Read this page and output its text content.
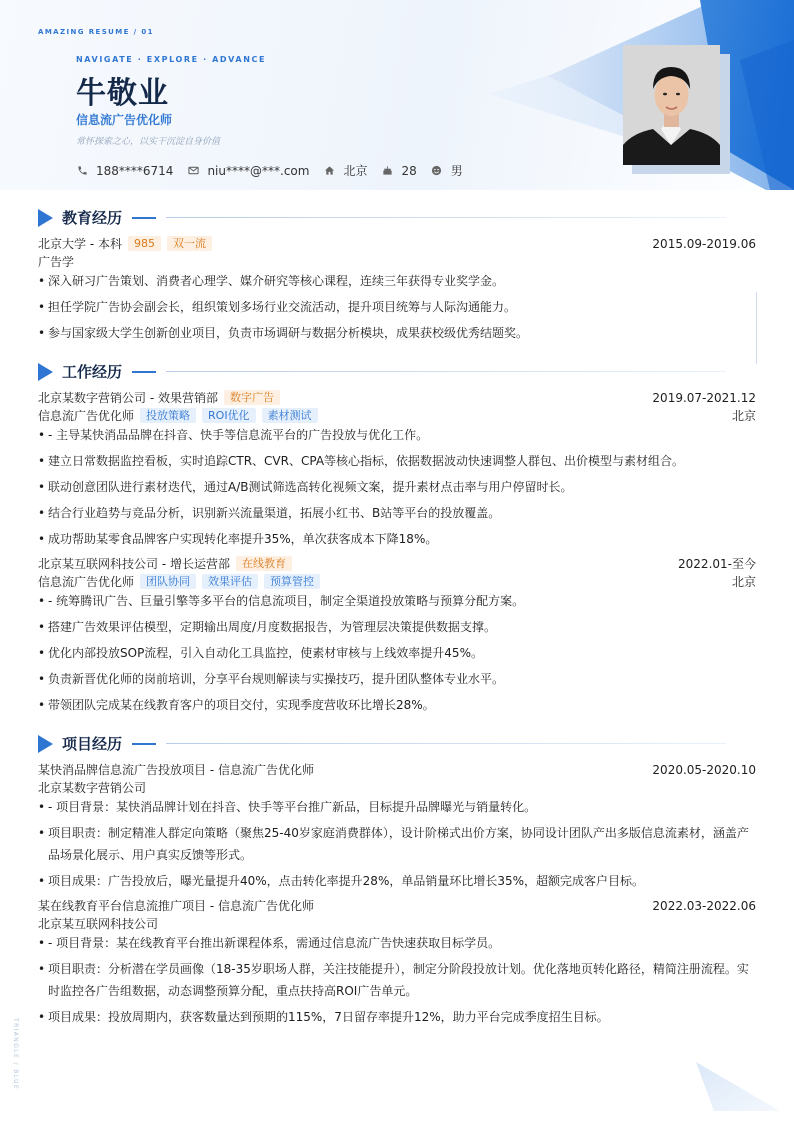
AMAZING RESUME / 01
NAVIGATE · EXPLORE · ADVANCE
牛敬业
信息流广告优化师
常怀探索之心，以实干沉淀自身价值
188****6714	niu****@***.com	北京	28	男
教育经历
北京大学 - 本科	985	双一流	2015.09-2019.06
广告学
• 深入研习广告策划、消费者心理学、媒介研究等核心课程，连续三年获得专业奖学金。
• 担任学院广告协会副会长，组织策划多场行业交流活动，提升项目统筹与人际沟通能力。
• 参与国家级大学生创新创业项目，负责市场调研与数据分析模块，成果获校级优秀结题奖。
工作经历
北京某数字营销公司 - 效果营销部	数字广告	2019.07-2021.12
信息流广告优化师	投放策略	ROI优化	素材测试	北京
• - 主导某快消品品牌在抖音、快手等信息流平台的广告投放与优化工作。
• 建立日常数据监控看板，实时追踪CTR、CVR、CPA等核心指标，依据数据波动快速调整人群包、出价模型与素材组合。
• 联动创意团队进行素材迭代，通过A/B测试筛选高转化视频文案，提升素材点击率与用户停留时长。
• 结合行业趋势与竞品分析，识别新兴流量渠道，拓展小红书、B站等平台的投放覆盖。
• 成功帮助某零食品牌客户实现转化率提升35%，单次获客成本下降18%。
北京某互联网科技公司 - 增长运营部	在线教育	2022.01-至今
信息流广告优化师	团队协同	效果评估	预算管控	北京
• - 统筹腾讯广告、巨量引擎等多平台的信息流项目，制定全渠道投放策略与预算分配方案。
• 搭建广告效果评估模型，定期输出周度/月度数据报告，为管理层决策提供数据支撑。
• 优化内部投放SOP流程，引入自动化工具监控，使素材审核与上线效率提升45%。
• 负责新晋优化师的岗前培训，分享平台规则解读与实操技巧，提升团队整体专业水平。
• 带领团队完成某在线教育客户的项目交付，实现季度营收环比增长28%。
项目经历
某快消品牌信息流广告投放项目 - 信息流广告优化师	2020.05-2020.10
北京某数字营销公司
• - 项目背景：某快消品牌计划在抖音、快手等平台推广新品，目标提升品牌曝光与销量转化。
• 项目职责：制定精准人群定向策略（聚焦25-40岁家庭消费群体），设计阶梯式出价方案，协同设计团队产出多版信息流素材，涵盖产品场景化展示、用户真实反馈等形式。
• 项目成果：广告投放后，曝光量提升40%，点击转化率提升28%，单品销量环比增长35%，超额完成客户目标。
某在线教育平台信息流推广项目 - 信息流广告优化师	2022.03-2022.06
北京某互联网科技公司
• - 项目背景：某在线教育平台推出新课程体系，需通过信息流广告快速获取目标学员。
• 项目职责：分析潜在学员画像（18-35岁职场人群，关注技能提升），制定分阶段投放计划。优化落地页转化路径，精简注册流程。实时监控各广告组数据，动态调整预算分配，重点扶持高ROI广告单元。
• 项目成果：投放周期内，获客数量达到预期的115%，7日留存率提升12%，助力平台完成季度招生目标。
TRIANGLE / BLUE
